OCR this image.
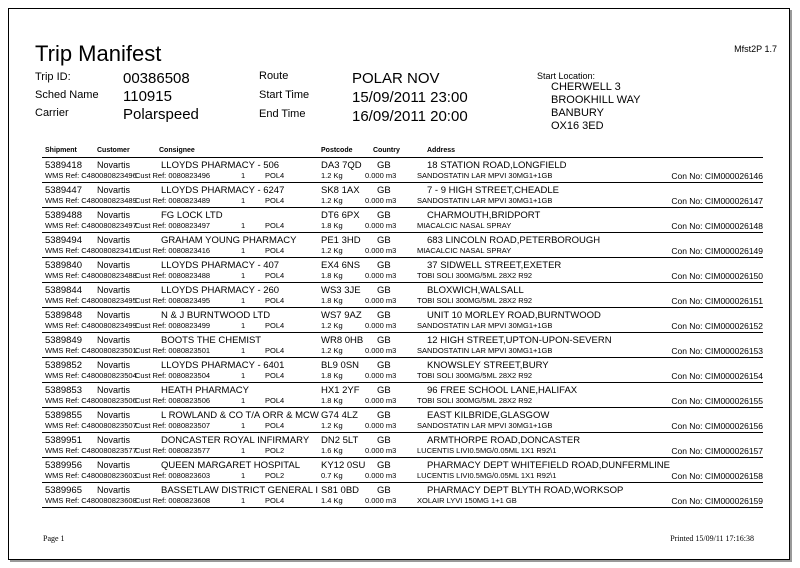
Trip Manifest	Mfst2P 1.7
Trip ID:	00386508
Sched Name 110915
Carrier	Polarspeed
Route	POLAR NOV
Start Time	15/09/2011 23:00
End Time	16/09/2011 20:00
Start Location:
CHERWELL 3
BROOKHILL WAY
BANBURY
OX16 3ED
Shipment	Customer	Consignee	Postcode	Country	Address
5389418 Novartis	LLOYDS PHARMACY - 506	DA3 7QD GB	18 STATION ROAD,LONGFIELD
WMS Ref: C480080823496
Cust Ref: 0080823496	1	POL4	1.2 Kg	0.000 m3	SANDOSTATIN LAR MPVI 30MG1+1GB	Con No: CIM000026146
5389447 Novartis	LLOYDS PHARMACY - 6247	SK8 1AX GB	7 - 9 HIGH STREET,CHEADLE
WMS Ref: C480080823489
Cust Ref: 0080823489	1	POL4	1.2 Kg	0.000 m3	SANDOSTATIN LAR MPVI 30MG1+1GB	Con No: CIM000026147
5389488 Novartis	FG LOCK LTD	DT6 6PX GB	CHARMOUTH,BRIDPORT
WMS Ref: C480080823497
Cust Ref: 0080823497	1	POL4	1.8 Kg	0.000 m3	MIACALCIC NASAL SPRAY	Con No: CIM000026148
5389494 Novartis	GRAHAM YOUNG PHARMACY	PE1 3HD GB	683 LINCOLN ROAD,PETERBOROUGH
WMS Ref: C480080823416
Cust Ref: 0080823416	1	POL4	1.2 Kg	0.000 m3	MIACALCIC NASAL SPRAY	Con No: CIM000026149
5389840 Novartis	LLOYDS PHARMACY - 407	EX4 6NS GB	37 SIDWELL STREET,EXETER
WMS Ref: C480080823488
Cust Ref: 0080823488	1	POL4	1.8 Kg	0.000 m3	TOBI SOLI 300MG/5ML 28X2 R92	Con No: CIM000026150
5389844 Novartis	LLOYDS PHARMACY - 260	WS3 3JE GB	BLOXWICH,WALSALL
WMS Ref: C480080823495
Cust Ref: 0080823495	1	POL4	1.8 Kg	0.000 m3	TOBI SOLI 300MG/5ML 28X2 R92	Con No: CIM000026151
5389848 Novartis	N & J BURNTWOOD LTD	WS7 9AZ GB	UNIT 10 MORLEY ROAD,BURNTWOOD
WMS Ref: C480080823499
Cust Ref: 0080823499	1	POL4	1.2 Kg	0.000 m3	SANDOSTATIN LAR MPVI 30MG1+1GB	Con No: CIM000026152
5389849 Novartis	BOOTS THE CHEMIST	WR8 0HB GB	12 HIGH STREET,UPTON-UPON-SEVERN
WMS Ref: C480080823501
Cust Ref: 0080823501	1	POL4	1.2 Kg	0.000 m3	SANDOSTATIN LAR MPVI 30MG1+1GB	Con No: CIM000026153
5389852 Novartis	LLOYDS PHARMACY - 6401	BL9 0SN GB	KNOWSLEY STREET,BURY
WMS Ref: C480080823504
Cust Ref: 0080823504	1	POL4	1.8 Kg	0.000 m3	TOBI SOLI 300MG/5ML 28X2 R92	Con No: CIM000026154
5389853 Novartis	HEATH PHARMACY	HX1 2YF GB	96 FREE SCHOOL LANE,HALIFAX
WMS Ref: C480080823506
Cust Ref: 0080823506	1	POL4	1.8 Kg	0.000 m3	TOBI SOLI 300MG/5ML 28X2 R92	Con No: CIM000026155
5389855 Novartis	L ROWLAND & CO T/A ORR & MCW G74 4LZ GB	EAST KILBRIDE,GLASGOW
WMS Ref: C480080823507
Cust Ref: 0080823507	1	POL4	1.2 Kg	0.000 m3	SANDOSTATIN LAR MPVI 30MG1+1GB	Con No: CIM000026156
5389951 Novartis	DONCASTER ROYAL INFIRMARY DN2 5LT GB	ARMTHORPE ROAD,DONCASTER
WMS Ref: C480080823577
Cust Ref: 0080823577	1	POL2	1.6 Kg	0.000 m3	LUCENTIS LIVI0.5MG/0.05ML 1X1 R92\1	Con No: CIM000026157
5389956 Novartis	QUEEN MARGARET HOSPITAL KY12 0SU GB	PHARMACY DEPT WHITEFIELD ROAD,DUNFERMLINE
WMS Ref: C480080823603
Cust Ref: 0080823603	1	POL2	0.7 Kg	0.000 m3	LUCENTIS LIVI0.5MG/0.05ML 1X1 R92\1	Con No: CIM000026158
5389965 Novartis	BASSETLAW DISTRICT GENERAL I S81 0BD GB	PHARMACY DEPT BLYTH ROAD,WORKSOP
WMS Ref: C480080823608
Cust Ref: 0080823608	1	POL4	1.4 Kg	0.000 m3	XOLAIR LYVI 150MG 1+1 GB	Con No: CIM000026159
Page 1	Printed 15/09/11 17:16:38
